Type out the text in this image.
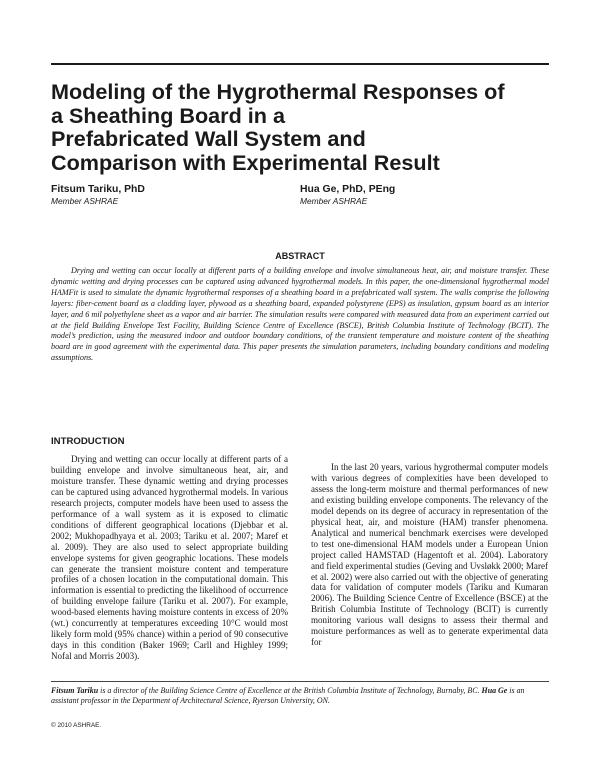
Modeling of the Hygrothermal Responses of
a Sheathing Board in a
Prefabricated Wall System and
Comparison with Experimental Result
Fitsum Tariku, PhD
Member ASHRAE
Hua Ge, PhD, PEng
Member ASHRAE
ABSTRACT

Drying and wetting can occur locally at different parts of a building envelope and involve simultaneous heat, air, and moisture transfer. These dynamic wetting and drying processes can be captured using advanced hygrothermal models. In this paper, the one-dimensional hygrothermal model HAMFit is used to simulate the dynamic hygrothermal responses of a sheathing board in a prefabricated wall system. The walls comprise the following layers: fiber-cement board as a cladding layer, plywood as a sheathing board, expanded polystyrene (EPS) as insulation, gypsum board as an interior layer, and 6 mil polyethylene sheet as a vapor and air barrier. The simulation results were compared with measured data from an experiment carried out at the field Building Envelope Test Facility, Building Science Centre of Excellence (BSCE), British Columbia Institute of Technology (BCIT). The model’s prediction, using the measured indoor and outdoor boundary conditions, of the transient temperature and moisture content of the sheathing board are in good agreement with the experimental data. This paper presents the simulation parameters, including boundary conditions and modeling assumptions.

INTRODUCTION

Drying and wetting can occur locally at different parts of a building envelope and involve simultaneous heat, air, and moisture transfer. These dynamic wetting and drying processes can be captured using advanced hygrothermal models. In various research projects, computer models have been used to assess the performance of a wall system as it is exposed to climatic conditions of different geographical locations (Djebbar et al. 2002; Mukhopadhyaya et al. 2003; Tariku et al. 2007; Maref et al. 2009). They are also used to select appropriate building envelope systems for given geographic locations. These models can generate the transient moisture content and temperature profiles of a chosen location in the computational domain. This information is essential to predicting the likelihood of occurrence of building envelope failure (Tariku et al. 2007). For example, wood-based elements having moisture contents in excess of 20% (wt.) concurrently at temperatures exceeding 10°C would most likely form mold (95% chance) within a period of 90 consecutive days in this condition (Baker 1969; Carll and Highley 1999; Nofal and Morris 2003).

In the last 20 years, various hygrothermal computer models with various degrees of complexities have been developed to assess the long-term moisture and thermal performances of new and existing building envelope components. The relevancy of the model depends on its degree of accuracy in representation of the physical heat, air, and moisture (HAM) transfer phenomena. Analytical and numerical benchmark exercises were developed to test one-dimensional HAM models under a European Union project called HAMSTAD (Hagentoft et al. 2004). Laboratory and field experimental studies (Geving and Uvsløkk 2000; Maref et al. 2002) were also carried out with the objective of generating data for validation of computer models (Tariku and Kumaran 2006). The Building Science Centre of Excellence (BSCE) at the British Columbia Institute of Technology (BCIT) is currently monitoring various wall designs to assess their thermal and moisture performances as well as to generate experimental data for

Fitsum Tariku is a director of the Building Science Centre of Excellence at the British Columbia Institute of Technology, Burnaby, BC. Hua Ge is an assistant professor in the Department of Architectural Science, Ryerson University, ON.

© 2010 ASHRAE.
